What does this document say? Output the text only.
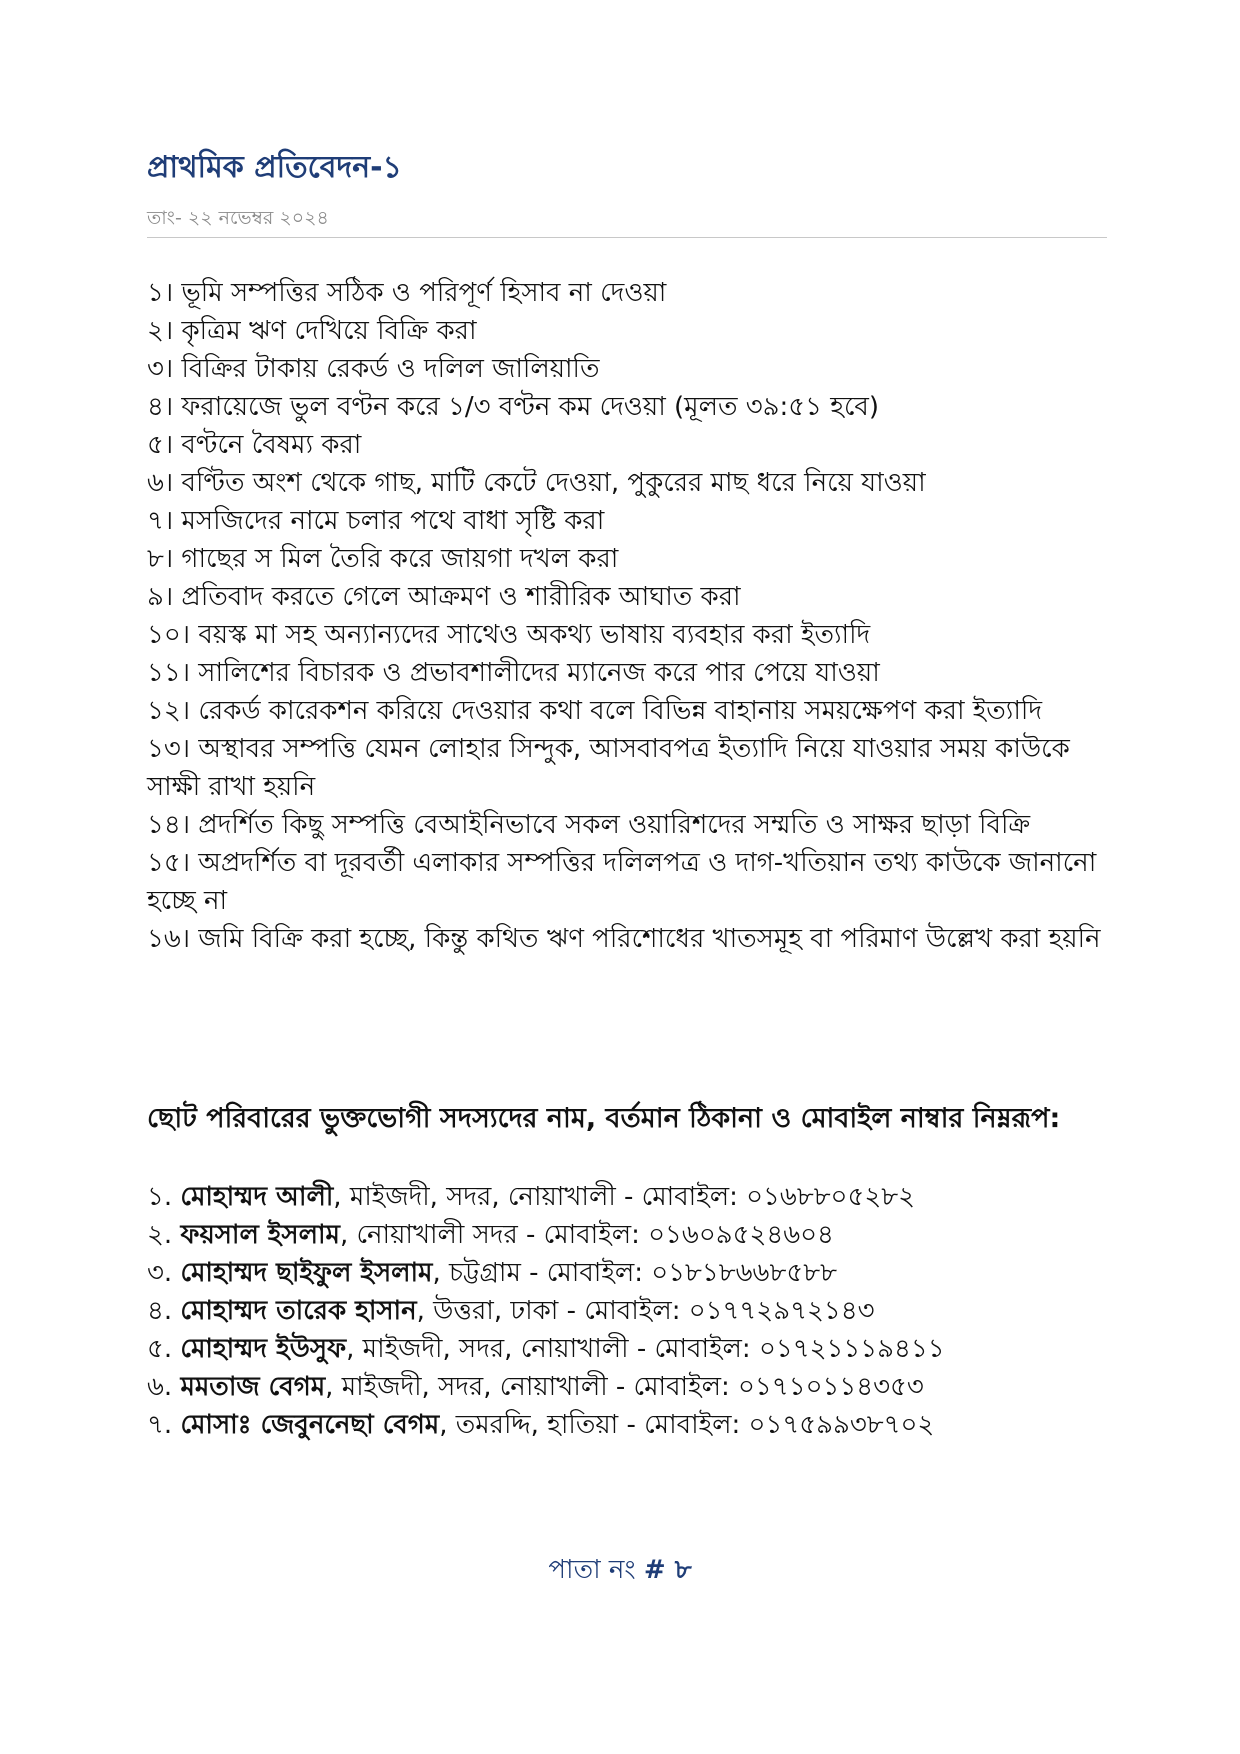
প্রাথমিক প্রতিবেদন-১
তাং- ২২ নভেম্বর ২০২৪
১। ভূমি সম্পত্তির সঠিক ও পরিপূর্ণ হিসাব না দেওয়া
২। কৃত্রিম ঋণ দেখিয়ে বিক্রি করা
৩। বিক্রির টাকায় রেকর্ড ও দলিল জালিয়াতি
৪। ফরায়েজে ভুল বণ্টন করে ১/৩ বণ্টন কম দেওয়া (মূলত ৩৯:৫১ হবে)
৫। বণ্টনে বৈষম্য করা
৬। বণ্টিত অংশ থেকে গাছ, মাটি কেটে দেওয়া, পুকুরের মাছ ধরে নিয়ে যাওয়া
৭। মসজিদের নামে চলার পথে বাধা সৃষ্টি করা
৮। গাছের স মিল তৈরি করে জায়গা দখল করা
৯। প্রতিবাদ করতে গেলে আক্রমণ ও শারীরিক আঘাত করা
১০। বয়স্ক মা সহ অন্যান্যদের সাথেও অকথ্য ভাষায় ব্যবহার করা ইত্যাদি
১১। সালিশের বিচারক ও প্রভাবশালীদের ম্যানেজ করে পার পেয়ে যাওয়া
১২। রেকর্ড কারেকশন করিয়ে দেওয়ার কথা বলে বিভিন্ন বাহানায় সময়ক্ষেপণ করা ইত্যাদি
১৩। অস্থাবর সম্পত্তি যেমন লোহার সিন্দুক, আসবাবপত্র ইত্যাদি নিয়ে যাওয়ার সময় কাউকে সাক্ষী রাখা হয়নি
১৪। প্রদর্শিত কিছু সম্পত্তি বেআইনিভাবে সকল ওয়ারিশদের সম্মতি ও সাক্ষর ছাড়া বিক্রি
১৫। অপ্রদর্শিত বা দূরবর্তী এলাকার সম্পত্তির দলিলপত্র ও দাগ-খতিয়ান তথ্য কাউকে জানানো হচ্ছে না
১৬। জমি বিক্রি করা হচ্ছে, কিন্তু কথিত ঋণ পরিশোধের খাতসমূহ বা পরিমাণ উল্লেখ করা হয়নি
ছোট পরিবারের ভুক্তভোগী সদস্যদের নাম, বর্তমান ঠিকানা ও মোবাইল নাম্বার নিম্নরূপ:
১. মোহাম্মদ আলী, মাইজদী, সদর, নোয়াখালী - মোবাইল: ০১৬৮৮০৫২৮২
২. ফয়সাল ইসলাম, নোয়াখালী সদর - মোবাইল: ০১৬০৯৫২৪৬০৪
৩. মোহাম্মদ ছাইফুল ইসলাম, চট্টগ্রাম - মোবাইল: ০১৮১৮৬৬৮৫৮৮
৪. মোহাম্মদ তারেক হাসান, উত্তরা, ঢাকা - মোবাইল: ০১৭৭২৯৭২১৪৩
৫. মোহাম্মদ ইউসুফ, মাইজদী, সদর, নোয়াখালী - মোবাইল: ০১৭২১১১৯৪১১
৬. মমতাজ বেগম, মাইজদী, সদর, নোয়াখালী - মোবাইল: ০১৭১০১১৪৩৫৩
৭. মোসাঃ জেবুননেছা বেগম, তমরদ্দি, হাতিয়া - মোবাইল: ০১৭৫৯৯৩৮৭০২
পাতা নং # ৮
